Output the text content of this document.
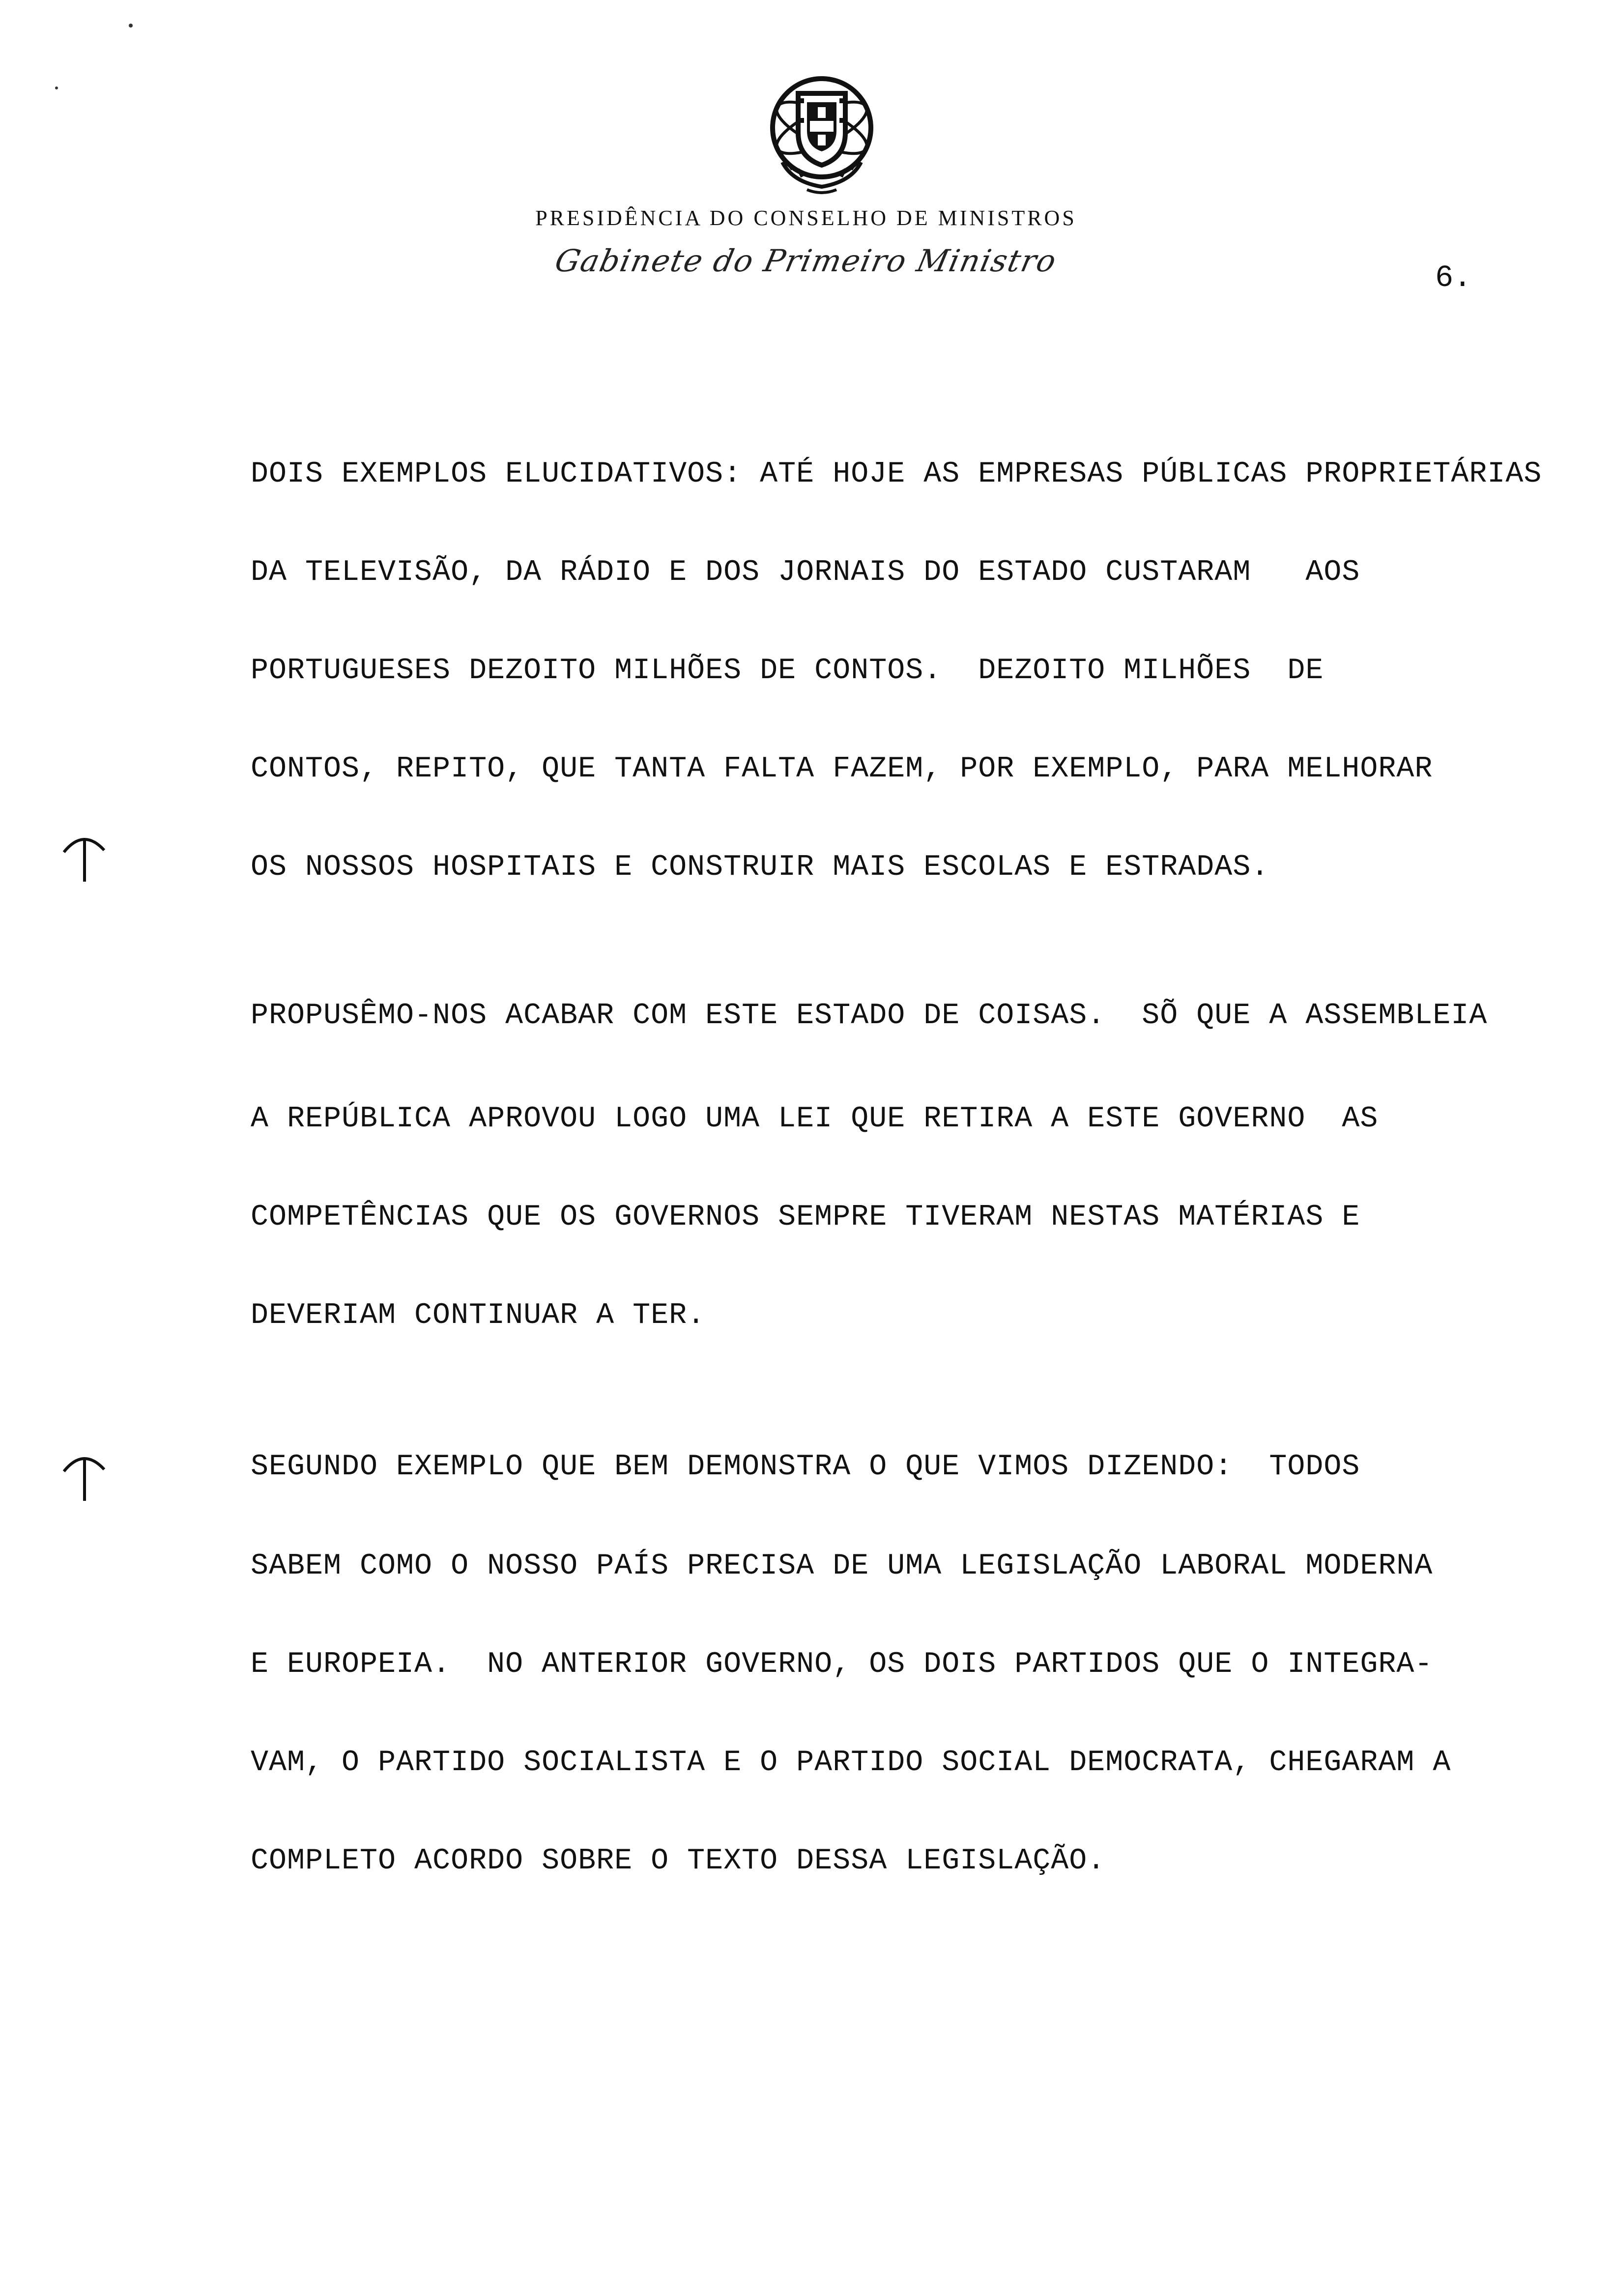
PRESIDÊNCIA DO CONSELHO DE MINISTROS
Gabinete do Primeiro Ministro	6.
DOIS EXEMPLOS ELUCIDATIVOS: ATÉ HOJE AS EMPRESAS PÚBLICAS PROPRIETÁRIAS
DA TELEVISÃO, DA RÁDIO E DOS JORNAIS DO ESTADO CUSTARAM   AOS
PORTUGUESES DEZOITO MILHÕES DE CONTOS.  DEZOITO MILHÕES  DE
CONTOS, REPITO, QUE TANTA FALTA FAZEM, POR EXEMPLO, PARA MELHORAR
OS NOSSOS HOSPITAIS E CONSTRUIR MAIS ESCOLAS E ESTRADAS.
PROPUSÊMO-NOS ACABAR COM ESTE ESTADO DE COISAS.  SÕ QUE A ASSEMBLEIA
A REPÚBLICA APROVOU LOGO UMA LEI QUE RETIRA A ESTE GOVERNO  AS
COMPETÊNCIAS QUE OS GOVERNOS SEMPRE TIVERAM NESTAS MATÉRIAS E
DEVERIAM CONTINUAR A TER.
SEGUNDO EXEMPLO QUE BEM DEMONSTRA O QUE VIMOS DIZENDO:  TODOS
SABEM COMO O NOSSO PAÍS PRECISA DE UMA LEGISLAÇÃO LABORAL MODERNA
E EUROPEIA.  NO ANTERIOR GOVERNO, OS DOIS PARTIDOS QUE O INTEGRA-
VAM, O PARTIDO SOCIALISTA E O PARTIDO SOCIAL DEMOCRATA, CHEGARAM A
COMPLETO ACORDO SOBRE O TEXTO DESSA LEGISLAÇÃO.
